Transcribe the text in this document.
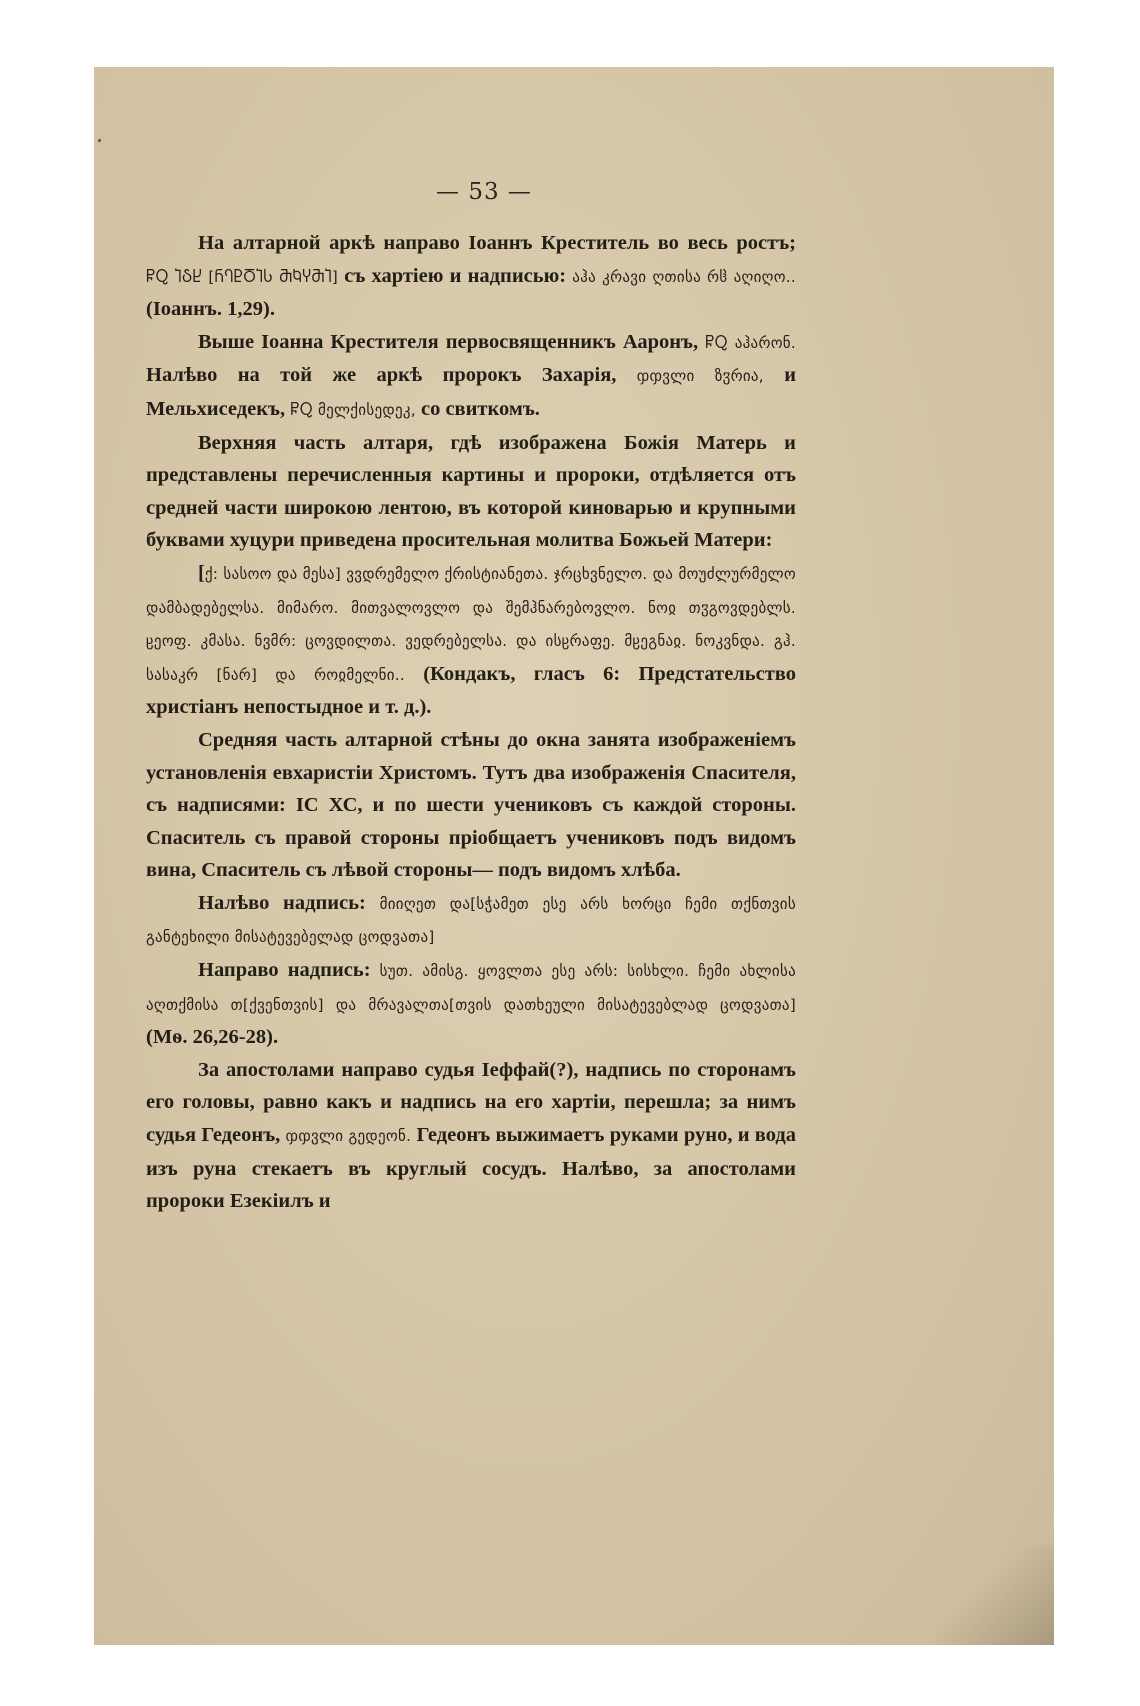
— 53 —

На алтарной аркѣ направо Іоаннъ Креститель во весь ростъ; ႼႭ ႨჂႾ [ႬႤႲႣႨႱ ႫႩჄႫႨ] съ хартіею и надписью: აჰა კრავი ღთისა რჱ აღიღო.. (Іоаннъ. 1,29).

Выше Іоанна Крестителя первосвященникъ Ааронъ, ႼႭ აჰარონ. Налѣво на той же аркѣ пророкъ Захарія, ჶჶვლი ზჳრია, и Мельхиседекъ, ႼႭ მელქისედეკ, со свиткомъ.

Верхняя часть алтаря, гдѣ изображена Божія Матерь и представлены перечисленныя картины и пророки, отдѣляется отъ средней части широкою лентою, въ которой киноварью и крупными буквами хуцури приведена просительная молитва Божьей Матери:

[ქ: სასოო და მესა] ვვდრემელო ქრისტიანეთა. ჯრცხვნელო. და მოუძლურმელო დამბადებელსა. მიმარო. მითვალოვლო და შემჰნარებოვლო. ნოჲ თჳგოვდებლს. ჸეოფ. კმასა. ნვმრ: ცოვდილთა. ვედრებელსა. და ისჸრაფე. მჸეგნაჲ. ნოკვნდა. გჰ. სასაკრ [ნარ] და როჲმელნი.. (Кондакъ, гласъ 6: Предстательство христіанъ непостыдное и т. д.).

Средняя часть алтарной стѣны до окна занята изображеніемъ установленія евхаристіи Христомъ. Тутъ два изображенія Спасителя, съ надписями: ІС ХС, и по шести учениковъ съ каждой стороны. Спаситель съ правой стороны пріобщаетъ учениковъ подъ видомъ вина, Спаситель съ лѣвой стороны— подъ видомъ хлѣба.

Налѣво надпись: მიიღეთ და[სჭამეთ ესე არს ხორცი ჩემი თქნთვის განტეხილი მისატევებელად ცოდვათა]

Направо надпись: სუთ. ამისგ. ყოვლთა ესე არს: სისხლი. ჩემი ახლისა აღთქმისა თ[ქვენთვის] და მრავალთა[თვის დათხეული მისატევებლად ცოდვათა] (Мѳ. 26,26-28).

За апостолами направо судья Іеффай(?), надпись по сторонамъ его головы, равно какъ и надпись на его хартіи, перешла; за нимъ судья Гедеонъ, ჶჶვლი გედეონ. Гедеонъ выжимаетъ руками руно, и вода изъ руна стекаетъ въ круглый сосудъ. Налѣво, за апостолами пророки Езекіилъ и
